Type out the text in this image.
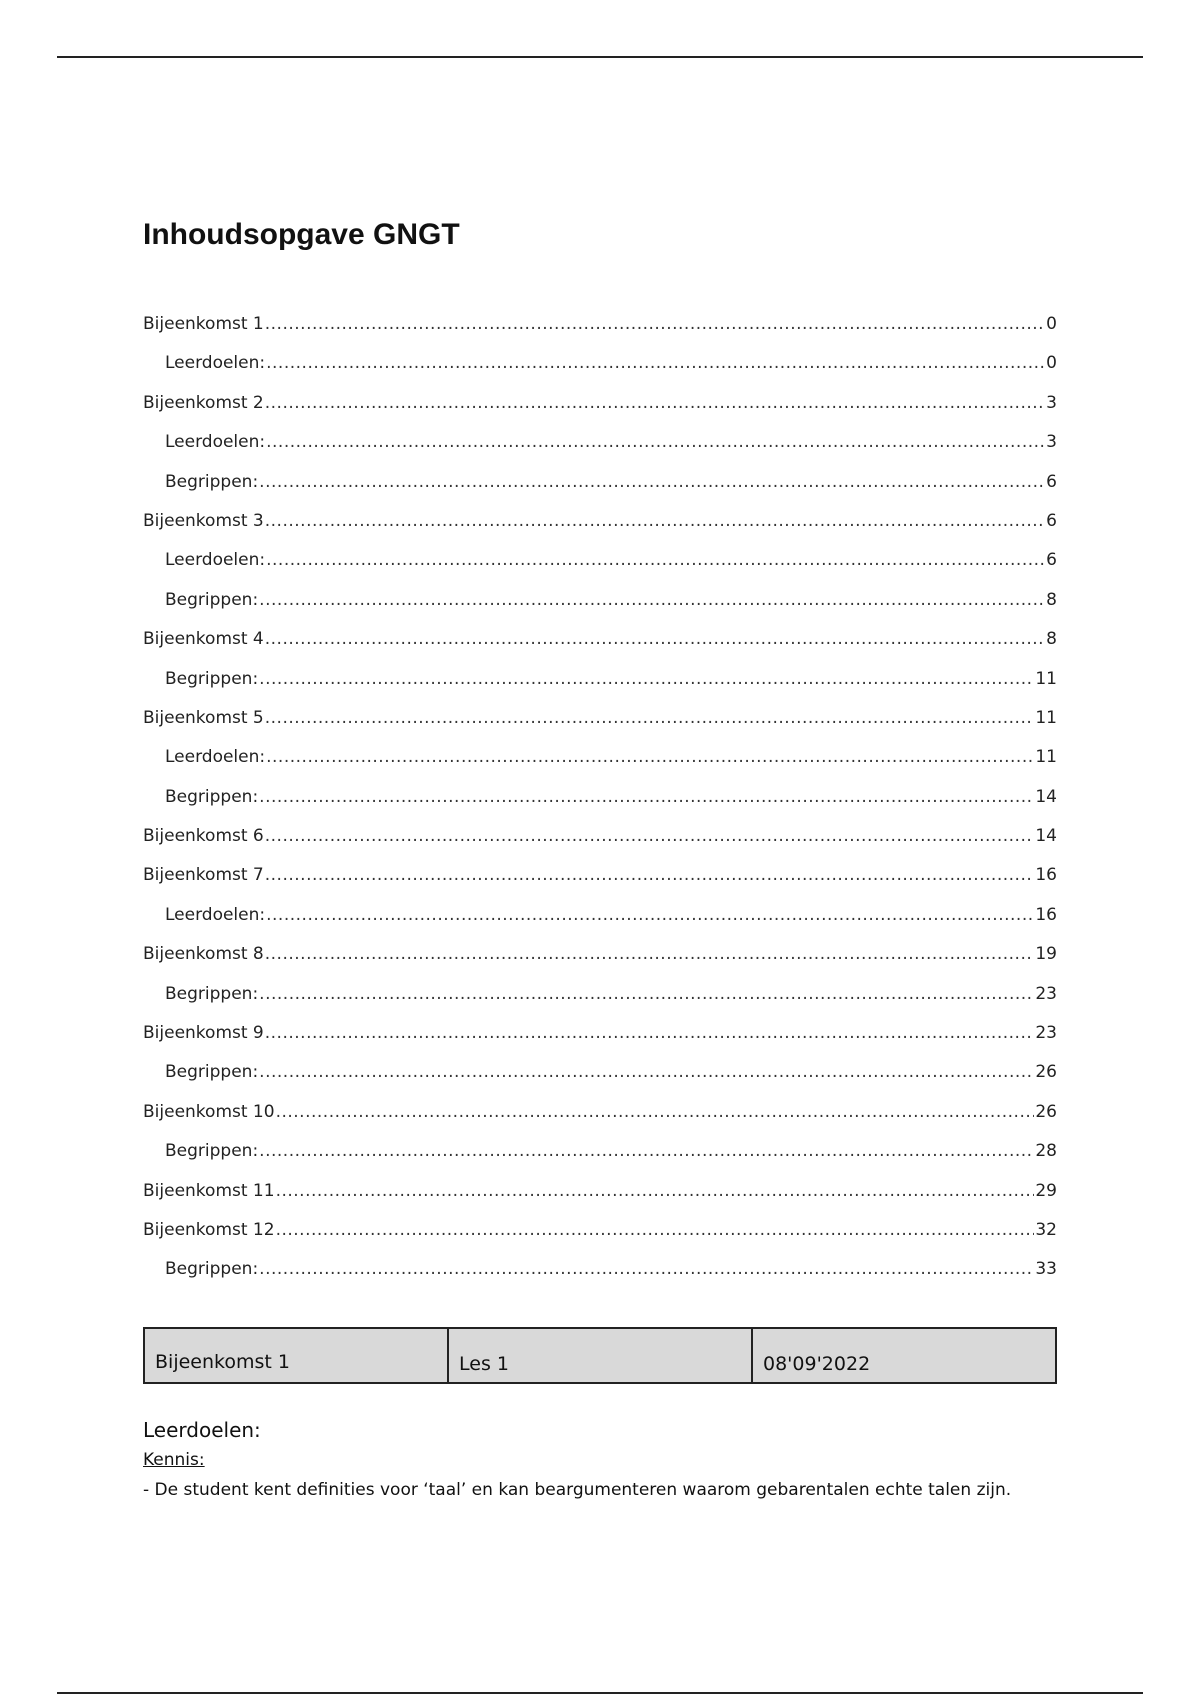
Inhoudsopgave GNGT
Bijeenkomst 1 .....	0
Leerdoelen: .....	0
Bijeenkomst 2 .....	3
Leerdoelen: .....	3
Begrippen: .....	6
Bijeenkomst 3 .....	6
Leerdoelen: .....	6
Begrippen: .....	8
Bijeenkomst 4 .....	8
Begrippen: .....	11
Bijeenkomst 5 .....	11
Leerdoelen: .....	11
Begrippen: .....	14
Bijeenkomst 6 .....	14
Bijeenkomst 7 .....	16
Leerdoelen: .....	16
Bijeenkomst 8 .....	19
Begrippen: .....	23
Bijeenkomst 9 .....	23
Begrippen: .....	26
Bijeenkomst 10 .....	26
Begrippen: .....	28
Bijeenkomst 11 .....	29
Bijeenkomst 12 .....	32
Begrippen: .....	33
Bijeenkomst 1	Les 1	08'09'2022
Leerdoelen:
Kennis:

- De student kent definities voor ‘taal’ en kan beargumenteren waarom gebarentalen echte talen zijn.
